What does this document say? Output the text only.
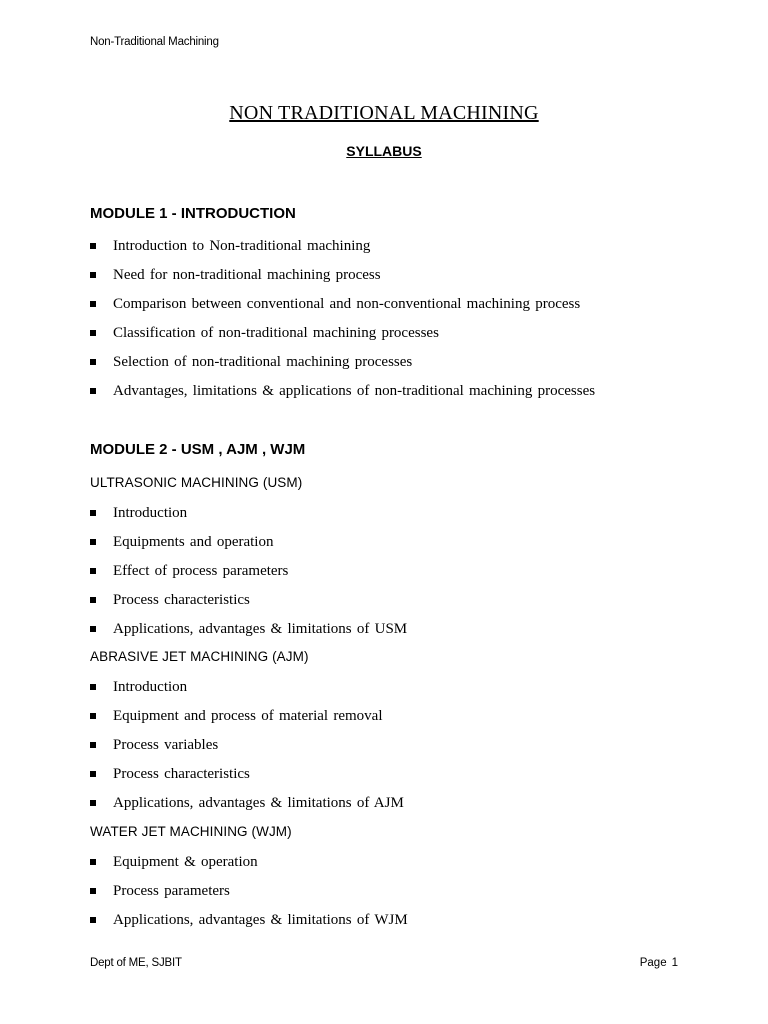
Non-Traditional Machining
NON TRADITIONAL MACHINING
SYLLABUS
MODULE 1 - INTRODUCTION
Introduction to Non-traditional machining
Need for non-traditional machining process
Comparison between conventional and non-conventional machining process
Classification of non-traditional machining processes
Selection of non-traditional machining processes
Advantages, limitations & applications of non-traditional machining processes
MODULE 2 - USM , AJM , WJM
ULTRASONIC MACHINING (USM)
Introduction
Equipments and operation
Effect of process parameters
Process characteristics
Applications, advantages & limitations of USM
ABRASIVE JET MACHINING (AJM)
Introduction
Equipment and process of material removal
Process variables
Process characteristics
Applications, advantages & limitations of AJM
WATER JET MACHINING (WJM)
Equipment & operation
Process parameters
Applications, advantages & limitations of WJM
Dept of ME, SJBIT	Page 1
